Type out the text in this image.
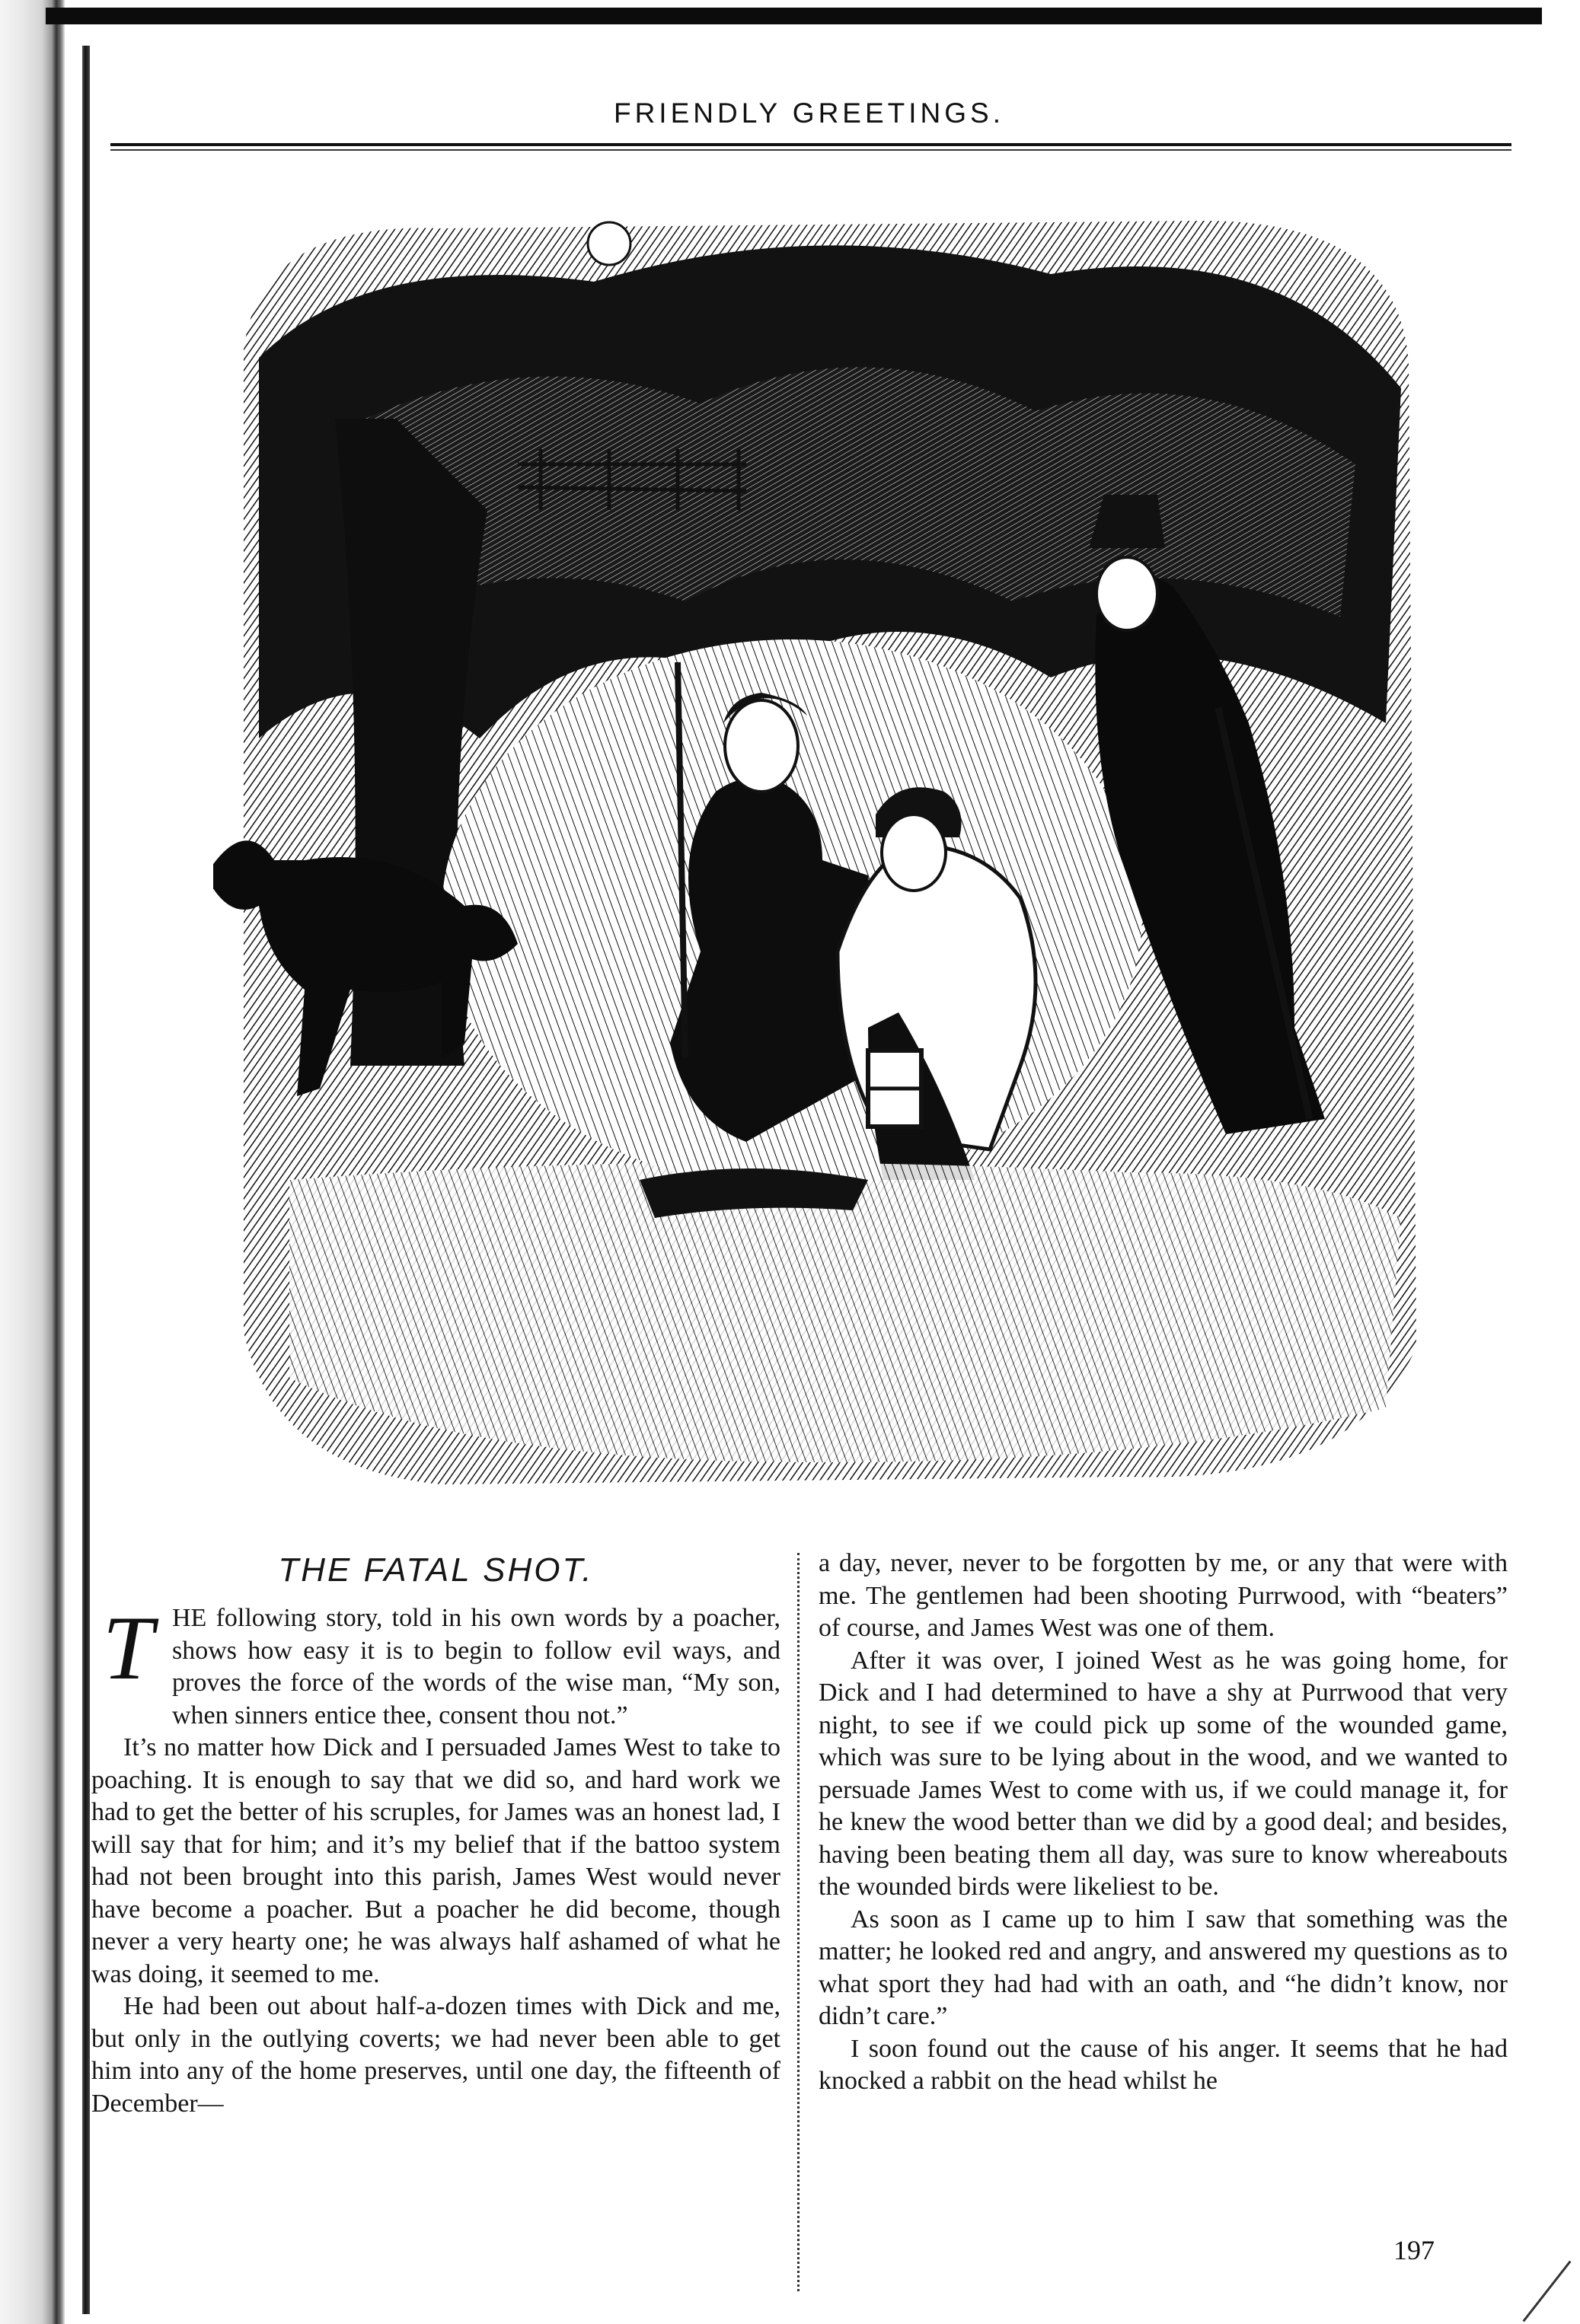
FRIENDLY GREETINGS.
THE FATAL SHOT.

T HE following story, told in his own words by a poacher, shows how easy it is to begin to follow evil ways, and proves the force of the words of the wise man, “My son, when sinners entice thee, consent thou not.”

It’s no matter how Dick and I persuaded James West to take to poaching. It is enough to say that we did so, and hard work we had to get the better of his scruples, for James was an honest lad, I will say that for him; and it’s my belief that if the battoo system had not been brought into this parish, James West would never have become a poacher. But a poacher he did become, though never a very hearty one; he was always half ashamed of what he was doing, it seemed to me.

He had been out about half-a-dozen times with Dick and me, but only in the outlying coverts; we had never been able to get him into any of the home preserves, until one day, the fifteenth of December—

a day, never, never to be forgotten by me, or any that were with me. The gentlemen had been shooting Purrwood, with “beaters” of course, and James West was one of them.

After it was over, I joined West as he was going home, for Dick and I had determined to have a shy at Purrwood that very night, to see if we could pick up some of the wounded game, which was sure to be lying about in the wood, and we wanted to persuade James West to come with us, if we could manage it, for he knew the wood better than we did by a good deal; and besides, having been beating them all day, was sure to know whereabouts the wounded birds were likeliest to be.

As soon as I came up to him I saw that something was the matter; he looked red and angry, and answered my questions as to what sport they had had with an oath, and “he didn’t know, nor didn’t care.”

I soon found out the cause of his anger. It seems that he had knocked a rabbit on the head whilst he

197
